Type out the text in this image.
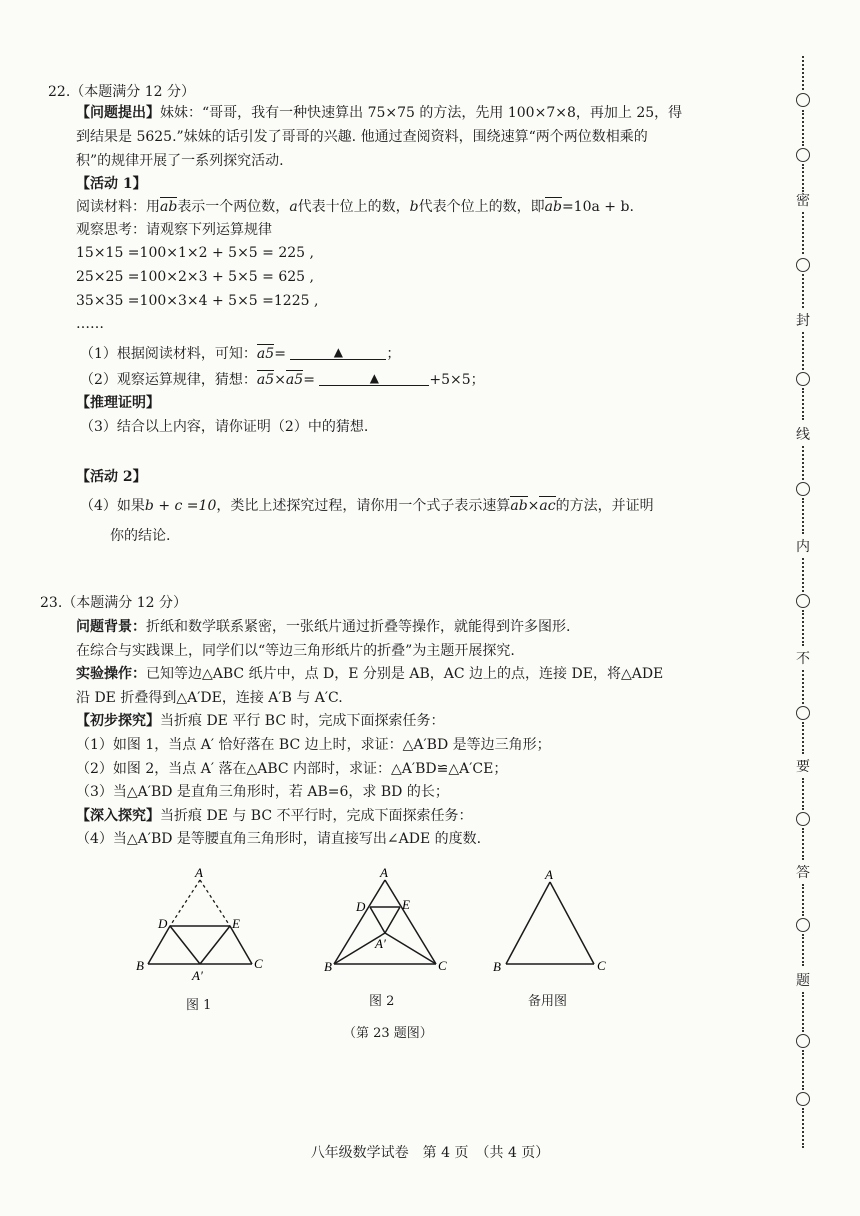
22.（本题满分 12 分）
【问题提出】妹妹：“哥哥，我有一种快速算出 75×75 的方法，先用 100×7×8，再加上 25，得
到结果是 5625.”妹妹的话引发了哥哥的兴趣. 他通过查阅资料，围绕速算“两个两位数相乘的
积”的规律开展了一系列探究活动.
【活动 1】
阅读材料：用ab表示一个两位数，a代表十位上的数，b代表个位上的数，即ab=10a + b.
观察思考：请观察下列运算规律
15×15 =100×1×2 + 5×5 = 225 ,
25×25 =100×2×3 + 5×5 = 625 ,
35×35 =100×3×4 + 5×5 =1225 ,
……
（1）根据阅读材料，可知：a5=	▲	；
（2）观察运算规律，猜想：a5×a5=	▲	+5×5；
【推理证明】
（3）结合以上内容，请你证明（2）中的猜想.
【活动 2】
（4）如果b + c =10，类比上述探究过程，请你用一个式子表示速算ab×ac的方法，并证明
你的结论.
23.（本题满分 12 分）
问题背景：折纸和数学联系紧密，一张纸片通过折叠等操作，就能得到许多图形.
在综合与实践课上，同学们以“等边三角形纸片的折叠”为主题开展探究.
实验操作：已知等边△ABC 纸片中，点 D，E 分别是 AB，AC 边上的点，连接 DE，将△ADE
沿 DE 折叠得到△A′DE，连接 A′B 与 A′C.
【初步探究】当折痕 DE 平行 BC 时，完成下面探索任务：
（1）如图 1，当点 A′ 恰好落在 BC 边上时，求证：△A′BD 是等边三角形；
（2）如图 2，当点 A′ 落在△ABC 内部时，求证：△A′BD≌△A′CE；
（3）当△A′BD 是直角三角形时，若 AB=6，求 BD 的长；
【深入探究】当折痕 DE 与 BC 不平行时，完成下面探索任务：
（4）当△A′BD 是等腰直角三角形时，请直接写出∠ADE 的度数.
A
D	E
B	C
A′
图 1
A
D	E
B	C
A′
图 2
A
B	C
备用图
（第 23 题图）
密
封
线
内
不
要
答
题
八年级数学试卷　第 4 页　（共 4 页）
